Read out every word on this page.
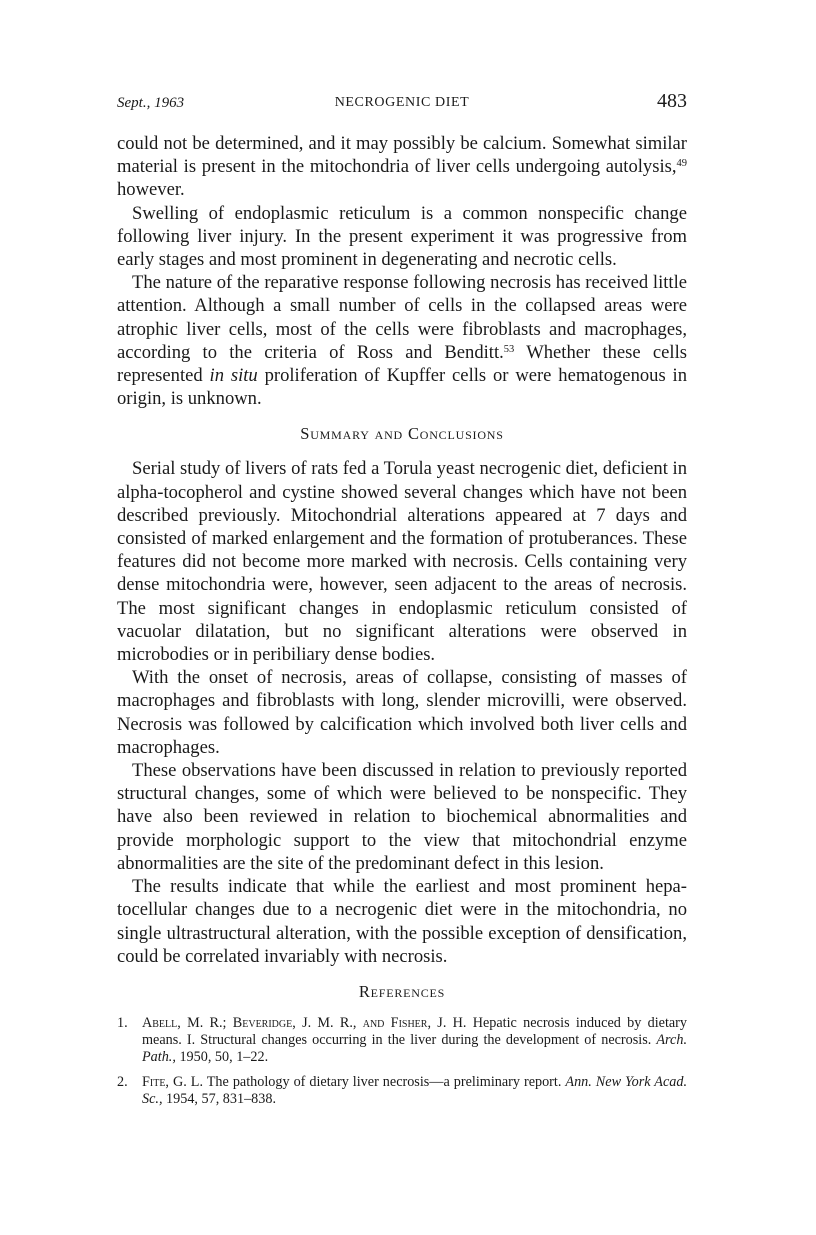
Sept., 1963	NECROGENIC DIET	483

could not be determined, and it may possibly be calcium. Somewhat similar material is present in the mitochondria of liver cells undergoing autolysis,$^{49}$ however.

Swelling of endoplasmic reticulum is a common nonspecific change following liver injury. In the present experiment it was progressive from early stages and most prominent in degenerating and necrotic cells.

The nature of the reparative response following necrosis has received little attention. Although a small number of cells in the collapsed areas were atrophic liver cells, most of the cells were fibroblasts and macrophages, according to the criteria of Ross and Benditt.$^{53}$ Whether these cells represented in situ proliferation of Kupffer cells or were hematogenous in origin, is unknown.

Summary and Conclusions

Serial study of livers of rats fed a Torula yeast necrogenic diet, deficient in alpha-tocopherol and cystine showed several changes which have not been described previously. Mitochondrial alterations appeared at 7 days and consisted of marked enlargement and the formation of protuberances. These features did not become more marked with necrosis. Cells containing very dense mitochondria were, however, seen adjacent to the areas of necrosis. The most significant changes in endoplasmic reticulum consisted of vacuolar dilatation, but no significant alterations were observed in microbodies or in peribiliary dense bodies.

With the onset of necrosis, areas of collapse, consisting of masses of macrophages and fibroblasts with long, slender microvilli, were observed. Necrosis was followed by calcification which involved both liver cells and macrophages.

These observations have been discussed in relation to previously reported structural changes, some of which were believed to be nonspecific. They have also been reviewed in relation to biochemical abnormalities and provide morphologic support to the view that mitochondrial enzyme abnormalities are the site of the predominant defect in this lesion.

The results indicate that while the earliest and most prominent hepatocellular changes due to a necrogenic diet were in the mitochondria, no single ultrastructural alteration, with the possible exception of densification, could be correlated invariably with necrosis.

References
1. Abell, M. R.; Beveridge, J. M. R., and Fisher, J. H. Hepatic necrosis induced by dietary means. I. Structural changes occurring in the liver during the development of necrosis. Arch. Path., 1950, 50, 1–22.
2. Fite, G. L. The pathology of dietary liver necrosis—a preliminary report. Ann. New York Acad. Sc., 1954, 57, 831–838.
